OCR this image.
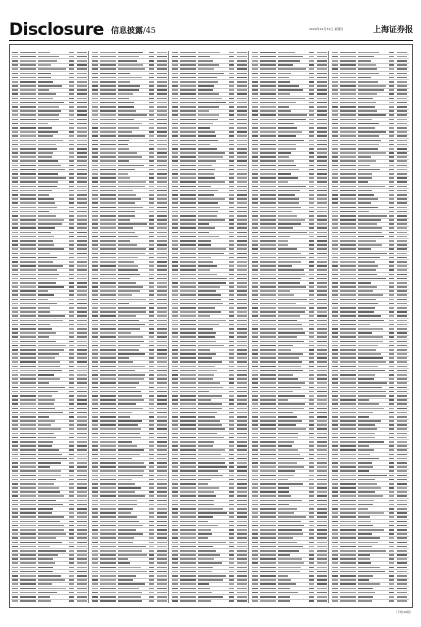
Disclosure 信息披露/45	2020年12月31日 星期四	上海证券报
（下转46版）
